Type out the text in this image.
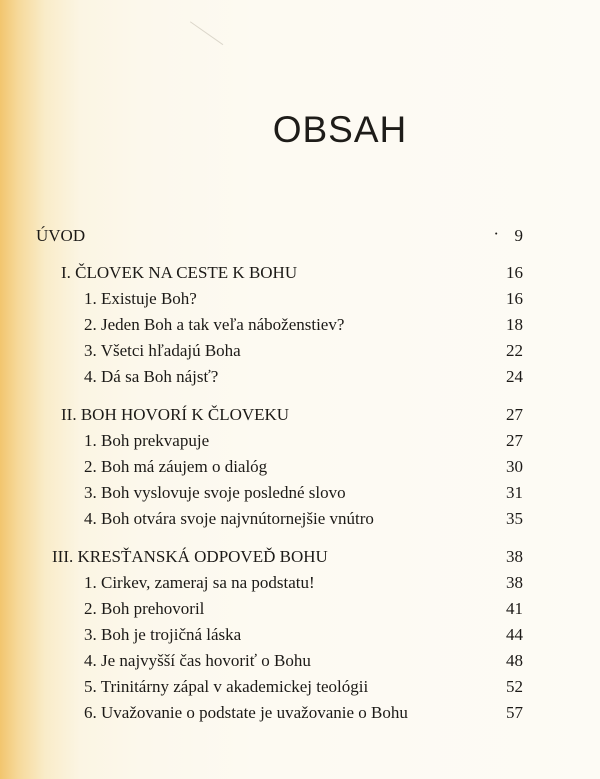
OBSAH
ÚVOD	· 9
I. ČLOVEK NA CESTE K BOHU	16
1. Existuje Boh?	16
2. Jeden Boh a tak veľa náboženstiev?	18
3. Všetci hľadajú Boha	22
4. Dá sa Boh nájsť?	24
II. BOH HOVORÍ K ČLOVEKU	27
1. Boh prekvapuje	27
2. Boh má záujem o dialóg	30
3. Boh vyslovuje svoje posledné slovo	31
4. Boh otvára svoje najvnútornejšie vnútro	35
III. KRESŤANSKÁ ODPOVEĎ BOHU	38
1. Cirkev, zameraj sa na podstatu!	38
2. Boh prehovoril	41
3. Boh je trojičná láska	44
4. Je najvyšší čas hovoriť o Bohu	48
5. Trinitárny zápal v akademickej teológii	52
6. Uvažovanie o podstate je uvažovanie o Bohu	57
